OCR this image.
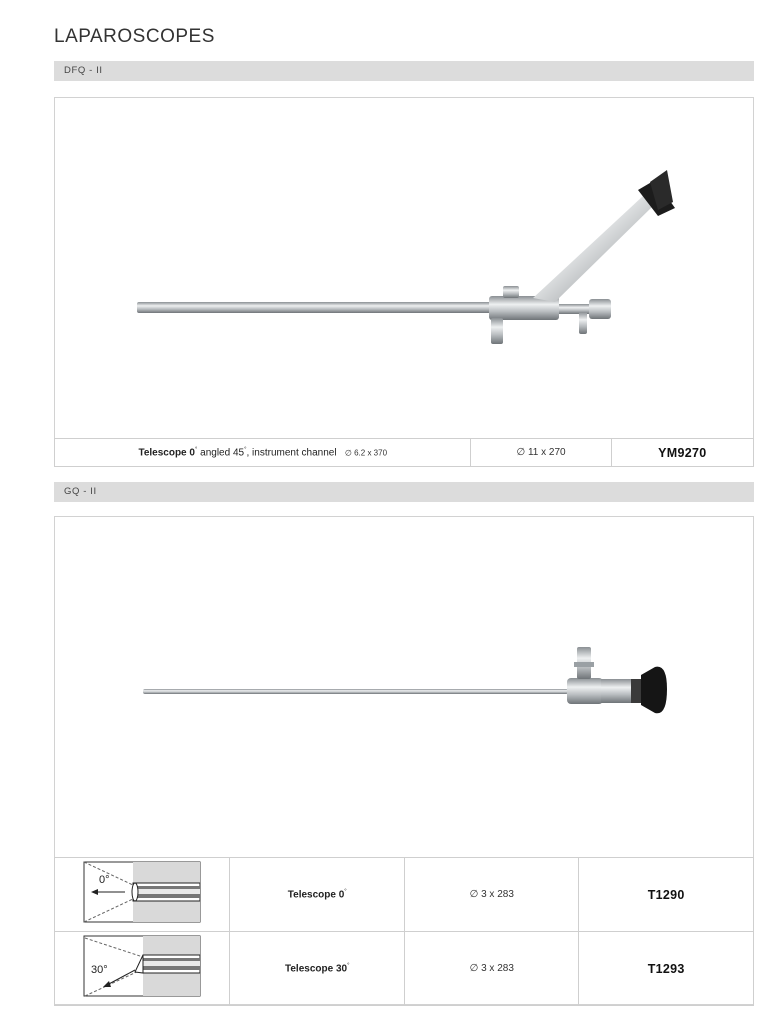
LAPAROSCOPES
DFQ - II
Telescope 0° angled 45°, instrument channel ∅ 6.2 x 370	∅ 11 x 270	YM9270
GQ - II
0°	Telescope 0°	∅ 3 x 283	T1290

30°	Telescope 30°	∅ 3 x 283	T1293
